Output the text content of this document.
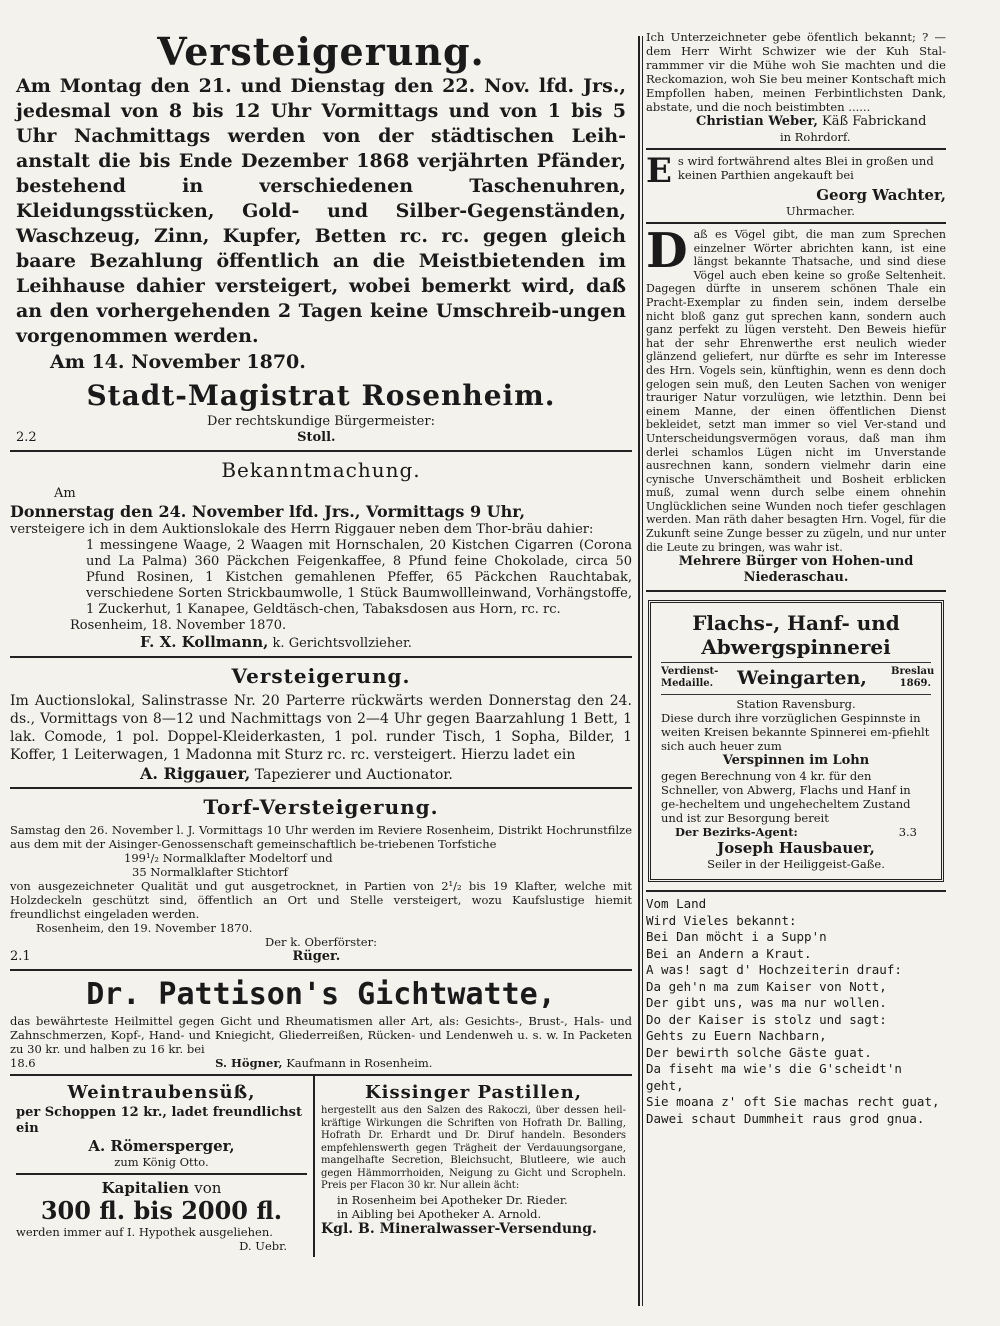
Versteigerung.

Am Montag den 21. und Dienstag den 22. Nov. lfd. Jrs., jedesmal von 8 bis 12 Uhr Vormittags und von 1 bis 5 Uhr Nachmittags werden von der städtischen Leih-anstalt die bis Ende Dezember 1868 verjährten Pfänder, bestehend in verschiedenen Taschenuhren, Kleidungsstücken, Gold- und Silber-Gegenständen, Waschzeug, Zinn, Kupfer, Betten rc. rc. gegen gleich baare Bezahlung öffentlich an die Meistbietenden im Leihhause dahier versteigert, wobei bemerkt wird, daß an den vorhergehenden 2 Tagen keine Umschreib-ungen vorgenommen werden.

Am 14. November 1870.

Stadt-Magistrat Rosenheim.
Der rechtskundige Bürgermeister:
2.2	Stoll.
Bekanntmachung.
Am
Donnerstag den 24. November lfd. Jrs., Vormittags 9 Uhr,

versteigere ich in dem Auktionslokale des Herrn Riggauer neben dem Thor-bräu dahier:

1 messingene Waage, 2 Waagen mit Hornschalen, 20 Kistchen Cigarren (Corona und La Palma) 360 Päckchen Feigenkaffee, 8 Pfund feine Chokolade, circa 50 Pfund Rosinen, 1 Kistchen gemahlenen Pfeffer, 65 Päckchen Rauchtabak, verschiedene Sorten Strickbaumwolle, 1 Stück Baumwollleinwand, Vorhängstoffe, 1 Zuckerhut, 1 Kanapee, Geldtäsch-chen, Tabaksdosen aus Horn, rc. rc.

Rosenheim, 18. November 1870.
F. X. Kollmann, k. Gerichtsvollzieher.
Versteigerung.

Im Auctionslokal, Salinstrasse Nr. 20 Parterre rückwärts werden Donnerstag den 24. ds., Vormittags von 8—12 und Nachmittags von 2—4 Uhr gegen Baarzahlung 1 Bett, 1 lak. Comode, 1 pol. Doppel-Kleiderkasten, 1 pol. runder Tisch, 1 Sopha, Bilder, 1 Koffer, 1 Leiterwagen, 1 Madonna mit Sturz rc. rc. versteigert. Hierzu ladet ein

A. Riggauer, Tapezierer und Auctionator.
Torf-Versteigerung.

Samstag den 26. November l. J. Vormittags 10 Uhr werden im Reviere Rosenheim, Distrikt Hochrunstfilze aus dem mit der Aisinger-Genossenschaft gemeinschaftlich be-triebenen Torfstiche

199¹/₂ Normalklafter Modeltorf und
35 Normalklafter Stichtorf

von ausgezeichneter Qualität und gut ausgetrocknet, in Partien von 2¹/₂ bis 19 Klafter, welche mit Holzdeckeln geschützt sind, öffentlich an Ort und Stelle versteigert, wozu Kaufslustige hiemit freundlichst eingeladen werden.

Rosenheim, den 19. November 1870.
Der k. Oberförster:
2.1	Rüger.
Dr. Pattison's Gichtwatte,

das bewährteste Heilmittel gegen Gicht und Rheumatismen aller Art, als: Gesichts-, Brust-, Hals- und Zahnschmerzen, Kopf-, Hand- und Kniegicht, Gliederreißen, Rücken- und Lendenweh u. s. w. In Packeten zu 30 kr. und halben zu 16 kr. bei

18.6	S. Högner, Kaufmann in Rosenheim.
Weintraubensüß,
per Schoppen 12 kr., ladet freundlichst ein
A. Römersperger,
zum König Otto.
Kapitalien von
300 fl. bis 2000 fl.
werden immer auf I. Hypothek ausgeliehen.
D. Uebr.
Kissinger Pastillen,

hergestellt aus den Salzen des Rakoczi, über dessen heil-kräftige Wirkungen die Schriften von Hofrath Dr. Balling, Hofrath Dr. Erhardt und Dr. Diruf handeln. Besonders empfehlenswerth gegen Trägheit der Verdauungsorgane, mangelhafte Secretion, Bleichsucht, Blutleere, wie auch gegen Hämmorrhoiden, Neigung zu Gicht und Scropheln. Preis per Flacon 30 kr. Nur allein ächt:

in Rosenheim bei Apotheker Dr. Rieder.
in Aibling bei Apotheker A. Arnold.
Kgl. B. Mineralwasser-Versendung.

Ich Unterzeichneter gebe öfentlich bekannt; ? — dem Herr Wirht Schwizer wie der Kuh Stal-rammmer vir die Mühe woh Sie machten und die Reckomazion, woh Sie beu meiner Kontschaft mich Empfollen haben, meinen Ferbintlichsten Dank, abstate, und die noch beistimbten ......

Christian Weber, Käß Fabrickand
in Rohrdorf.
E s wird fortwährend altes Blei in großen und keinen Parthien angekauft bei

Georg Wachter,
Uhrmacher.
D aß es Vögel gibt, die man zum Sprechen einzelner Wörter abrichten kann, ist eine längst bekannte Thatsache, und sind diese Vögel auch eben keine so große Seltenheit. Dagegen dürfte in unserem schönen Thale ein Pracht-Exemplar zu finden sein, indem derselbe nicht bloß ganz gut sprechen kann, sondern auch ganz perfekt zu lügen versteht. Den Beweis hiefür hat der sehr Ehrenwerthe erst neulich wieder glänzend geliefert, nur dürfte es sehr im Interesse des Hrn. Vogels sein, künftighin, wenn es denn doch gelogen sein muß, den Leuten Sachen von weniger trauriger Natur vorzulügen, wie letzthin. Denn bei einem Manne, der einen öffentlichen Dienst bekleidet, setzt man immer so viel Ver-stand und Unterscheidungsvermögen voraus, daß man ihm derlei schamlos Lügen nicht im Unverstande ausrechnen kann, sondern vielmehr darin eine cynische Unverschämtheit und Bosheit erblicken muß, zumal wenn durch selbe einem ohnehin Unglücklichen seine Wunden noch tiefer geschlagen werden. Man räth daher besagten Hrn. Vogel, für die Zukunft seine Zunge besser zu zügeln, und nur unter die Leute zu bringen, was wahr ist.

Mehrere Bürger von Hohen-und Niederaschau.
Flachs-, Hanf- und
Abwergspinnerei
Verdienst-Medaille. Weingarten, Breslau 1869.
Station Ravensburg.

Diese durch ihre vorzüglichen Gespinnste in weiten Kreisen bekannte Spinnerei em-pfiehlt sich auch heuer zum

Verspinnen im Lohn

gegen Berechnung von 4 kr. für den Schneller, von Abwerg, Flachs und Hanf in ge-hecheltem und ungehecheltem Zustand und ist zur Besorgung bereit

Der Bezirks-Agent:	3.3
Joseph Hausbauer,
Seiler in der Heiliggeist-Gaße.
Vom Land
Wird Vieles bekannt:
Bei Dan möcht i a Supp'n
Bei an Andern a Kraut.
A was! sagt d' Hochzeiterin drauf:
Da geh'n ma zum Kaiser von Nott,
Der gibt uns, was ma nur wollen.
Do der Kaiser is stolz und sagt:
Gehts zu Euern Nachbarn,
Der bewirth solche Gäste guat.
Da fiseht ma wie's die G'scheidt'n geht,
Sie moana z' oft Sie machas recht guat,
Dawei schaut Dummheit raus grod gnua.
